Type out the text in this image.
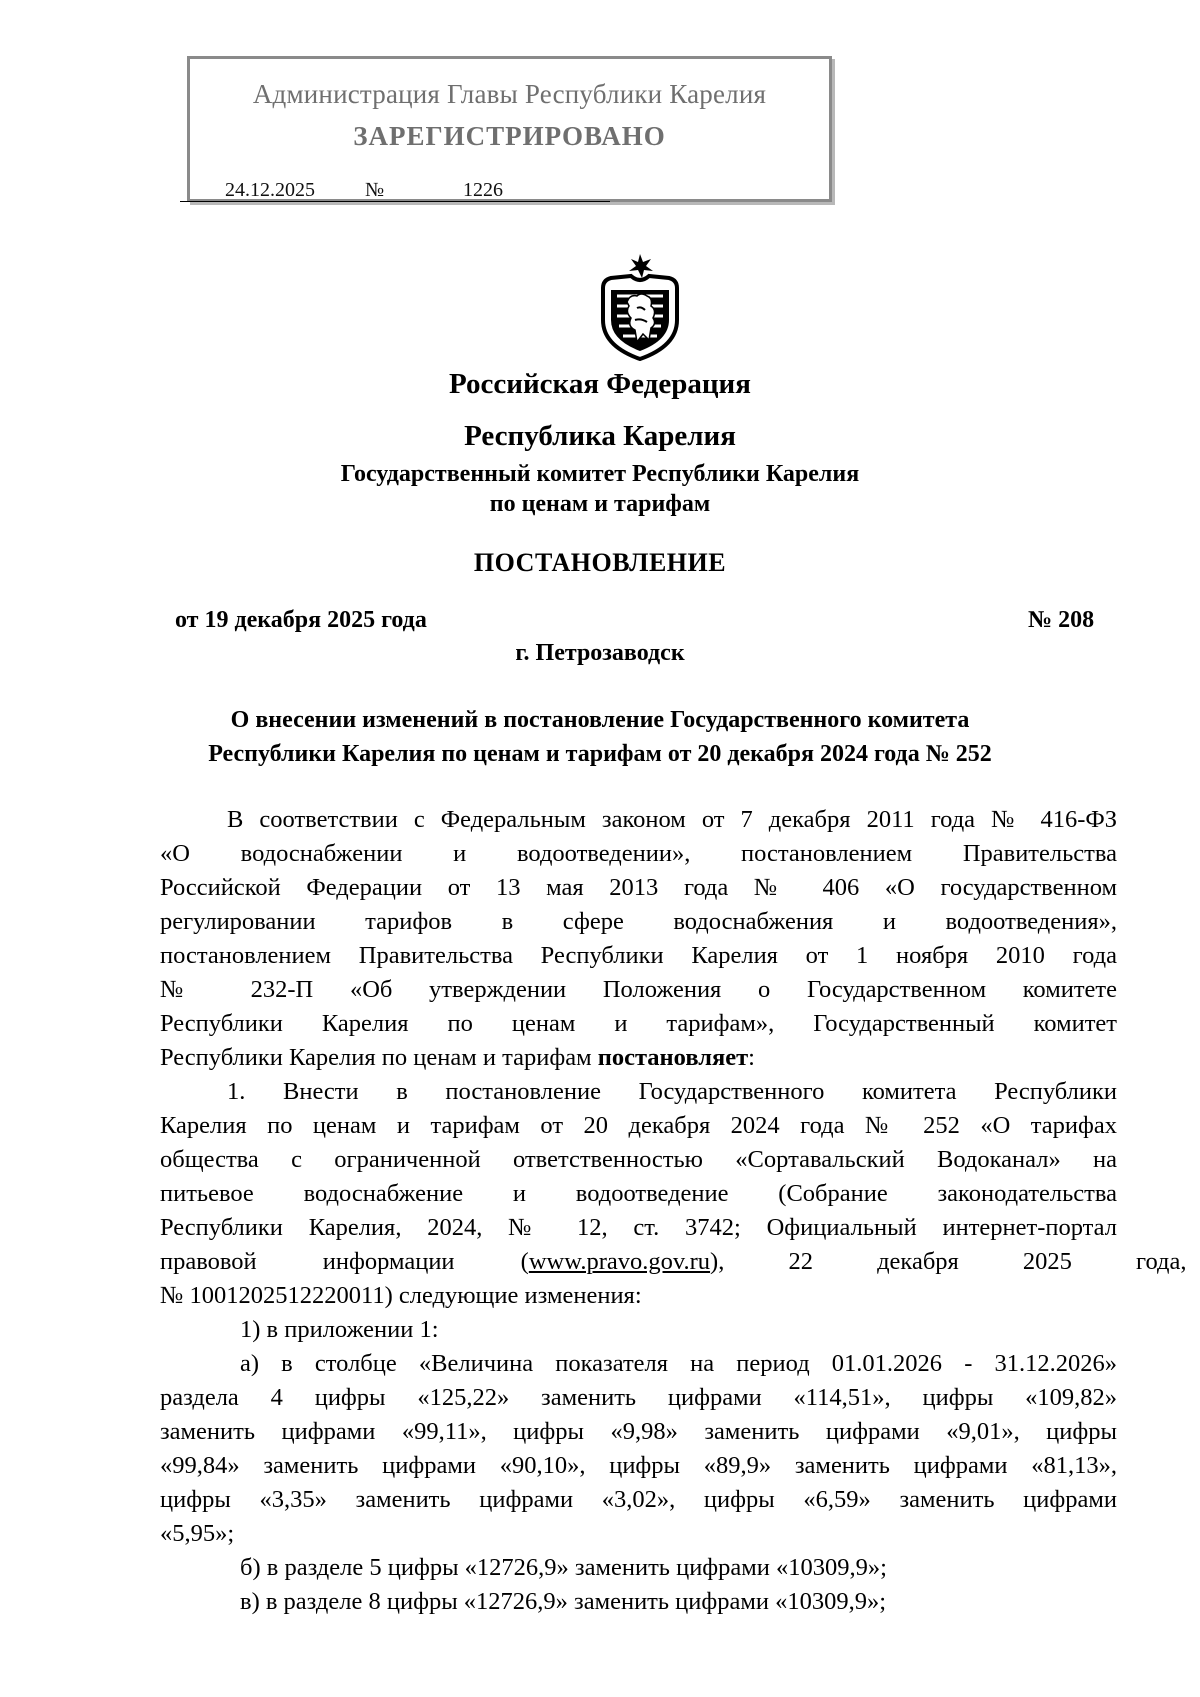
Администрация Главы Республики Карелия
ЗАРЕГИСТРИРОВАНО
24.12.2025	№	1226
Российская Федерация
Республика Карелия
Государственный комитет Республики Карелия
по ценам и тарифам
ПОСТАНОВЛЕНИЕ
от 19 декабря 2025 года	№ 208
г. Петрозаводск
О внесении изменений в постановление Государственного комитета
Республики Карелия по ценам и тарифам от 20 декабря 2024 года № 252
В соответствии с Федеральным законом от 7 декабря 2011 года № 416-ФЗ
«О водоснабжении и водоотведении», постановлением Правительства
Российской Федерации от 13 мая 2013 года № 406 «О государственном
регулировании тарифов в сфере водоснабжения и водоотведения»,
постановлением Правительства Республики Карелия от 1 ноября 2010 года
№ 232-П «Об утверждении Положения о Государственном комитете
Республики Карелия по ценам и тарифам», Государственный комитет
Республики Карелия по ценам и тарифам постановляет:
1. Внести в постановление Государственного комитета Республики
Карелия по ценам и тарифам от 20 декабря 2024 года № 252 «О тарифах
общества с ограниченной ответственностью «Сортавальский Водоканал» на
питьевое водоснабжение и водоотведение (Собрание законодательства
Республики Карелия, 2024, № 12, ст. 3742; Официальный интернет-портал
правовой информации ( www.pravo.gov.ru), 22 декабря 2025 года,
№ 1001202512220011) следующие изменения:
1) в приложении 1:
а) в столбце «Величина показателя на период 01.01.2026 - 31.12.2026»
раздела 4 цифры «125,22» заменить цифрами «114,51», цифры «109,82»
заменить цифрами «99,11», цифры «9,98» заменить цифрами «9,01», цифры
«99,84» заменить цифрами «90,10», цифры «89,9» заменить цифрами «81,13»,
цифры «3,35» заменить цифрами «3,02», цифры «6,59» заменить цифрами
«5,95»;
б) в разделе 5 цифры «12726,9» заменить цифрами «10309,9»;
в) в разделе 8 цифры «12726,9» заменить цифрами «10309,9»;
